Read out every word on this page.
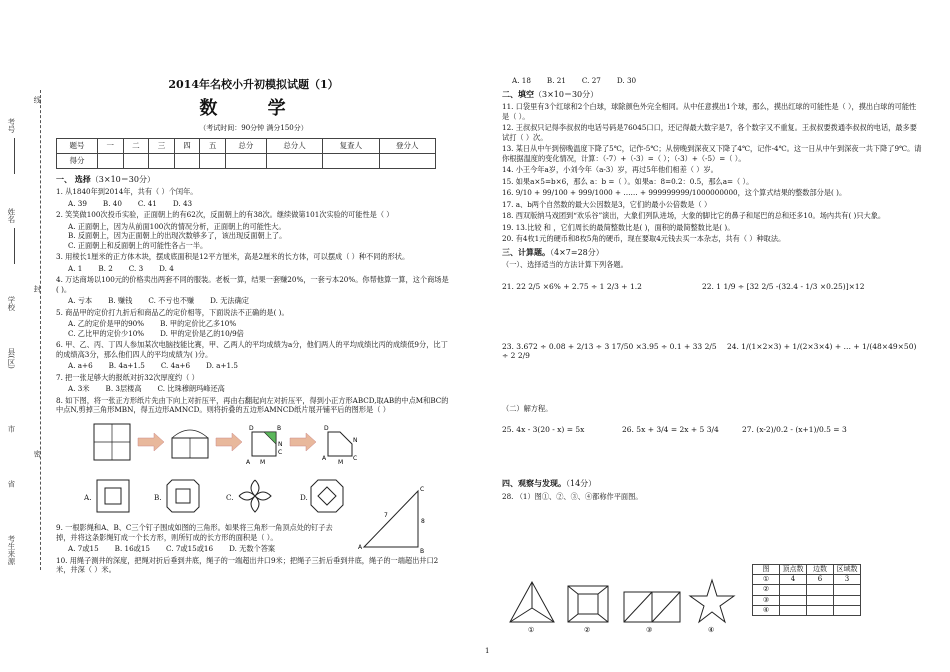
考号
姓名
学校
县(区)
市
省
考生来源
线
封
密
2014年名校小升初模拟试题（1）
数 学
（考试时间：90分钟 满分150分）
题号	一	二	三	四	五	总分	总分人	复查人	登分人
得分									
一、 选择（3×10＝30分）
1. 从1840年到2014年，共有（ ）个闰年。
A. 39 B. 40 C. 41 D. 43
2. 笑笑做100次投币实验，正面朝上的有62次，反面朝上的有38次。继续做第101次实验的可能性是（ ）
A. 正面朝上，因为从前面100次的情况分析，正面朝上的可能性大。
B. 反面朝上，因为正面朝上的出现次数够多了，该出现反面朝上了。
C. 正面朝上和反面朝上的可能性各占一半。
3. 用棱长1厘米的正方体木块，摆成底面积是12平方厘米，高是2厘米的长方体，可以摆成（ ）种不同的形状。
A. 1 B. 2 C. 3 D. 4
4. 万达商场以100元的价格卖出两套不同的服装。老板一算，结果一套赚20%，一套亏本20%。你帮他算一算，这个商场是( )。
A. 亏本 B. 赚钱 C. 不亏也不赚 D. 无法确定
5. 商品甲的定价打九折后和商品乙的定价相等，下面说法不正确的是( )。
A. 乙的定价是甲的90% B. 甲的定价比乙多10%
C. 乙比甲的定价少10% D. 甲的定价是乙的10/9倍
6. 甲、乙、丙、丁四人参加某次电脑技能比赛，甲、乙两人的平均成绩为a分，他们两人的平均成绩比丙的成绩低9分，比丁的成绩高3分，那么他们四人的平均成绩为( )分。
A. a+6 B. 4a+1.5 C. 4a+6 D. a+1.5
7. 把一张足够大的报纸对折32次厚度约（ ）
A. 3米 B. 3层楼高 C. 比珠穆朗玛峰还高
8. 如下图，将一张正方形纸片先由下向上对折压平，再由右翻起向左对折压平，得到小正方形ABCD,取AB的中点M和BC的中点N,剪掉三角形MBN，得五边形AMNCD。则将折叠的五边形AMNCD纸片展开铺平后的图形是（ ）
D	B
N
C
M
A
D
N
C
A
M
A.	B.	C.	D.
9. 一根影绳和A、B、C三个钉子围成如图的三角形。如果将三角形一角顶点处的钉子去掉，并将这条影绳钉成一个长方形，则所钉成的长方形的面积是（ ）。
A
B
C
7
8
A. 7或15 B. 16或15 C. 7或15或16 D. 无数个答案
10. 用绳子测井的深度，把绳对折后垂到井底，绳子的一端超出井口9米；把绳子三折后垂到井底，绳子的一端超出井口2米，井深（ ）米。
A. 18 B. 21 C. 27 D. 30
二、填空（3×10＝30分）
11. 口袋里有3个红球和2个白球，球除颜色外完全相同。从中任意摸出1个球，那么，摸出红球的可能性是（ ），摸出白球的可能性是（ ）。
12. 王叔叔只记得李叔叔的电话号码是76045口口，还记得最大数字是7，各个数字又不重复。王叔叔要拨通李叔叔的电话，最多要试打（ ）次。
13. 某日从中午到傍晚温度下降了5℃，记作-5℃；从傍晚到深夜又下降了4℃，记作-4℃。这一日从中午到深夜一共下降了9℃。请你根据温度的变化情况，计算：（-7）+（-3）=（ ）；（-3）+（-5）=（ ）。
14. 小王今年a岁，小刘今年（a-3）岁，再过5年他们相差（ ）岁。
15. 如果a×5=b×6，那么 a：b =（ ）。如果a：8=0.2：0.5，那么a=（ ）。
16. 9/10 + 99/100 + 999/1000 + …… + 999999999/1000000000，这个算式结果的整数部分是( )。
17. a、b两个自然数的最大公因数是3，它们的最小公倍数是（ ）
18. 西双版纳马戏团到“欢乐谷”演出，大象们列队进场，大象的脚比它的鼻子和尾巴的总和还多10。场内共有( )只大象。
19. 13.比较 和 ，它们周长的最简整数比是( )，面积的最简整数比是( )。
20. 有4枚1元的硬币和8枚5角的硬币，现在要取4元钱去买一本杂志，共有（ ）种取法。
三、计算题。（4×7=28分）
（一）、选择适当的方法计算下列各题。
21. 22 2/5 ×6% + 2.75 ÷ 1 2/3 + 1.2	22. 1 1/9 ÷ [32 2/5 -(32.4 - 1/3 ×0.25)]×12
23. 3.672 ÷ 0.08 + 2/13 ÷ 3 17/50 ×3.95 ÷ 0.1 + 33 2/5 ÷ 2 2/9
24. 1/(1×2×3) + 1/(2×3×4) + … + 1/(48×49×50)
（二）解方程。
25. 4x - 3(20 - x) = 5x	26. 5x + 3/4 = 2x + 5 3/4	27. (x-2)/0.2 - (x+1)/0.5 = 3
四、观察与发现。（14分）
28. （1）图①、②、③、④都称作平面图。
①	②	③	④
图	顶点数	边数	区域数
①	4	6	3
②			
③			
④			
1
